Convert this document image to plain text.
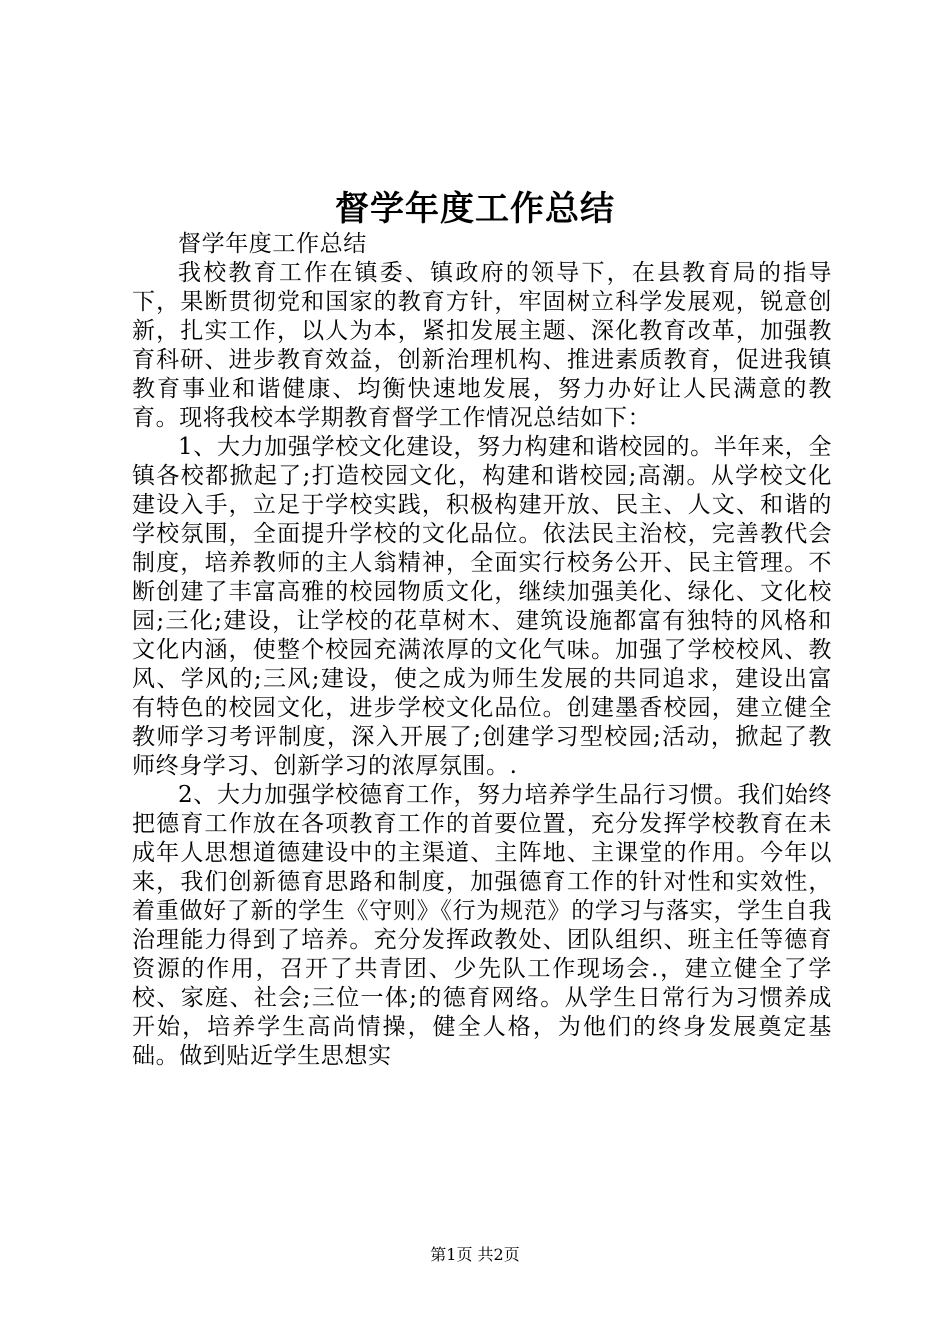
督学年度工作总结

督学年度工作总结

我校教育工作在镇委、镇政府的领导下，在县教育局的指导下，果断贯彻党和国家的教育方针，牢固树立科学发展观，锐意创新，扎实工作，以人为本，紧扣发展主题、深化教育改革，加强教育科研、进步教育效益，创新治理机构、推进素质教育，促进我镇教育事业和谐健康、均衡快速地发展，努力办好让人民满意的教育。现将我校本学期教育督学工作情况总结如下：

1、大力加强学校文化建设，努力构建和谐校园的。半年来，全镇各校都掀起了;打造校园文化，构建和谐校园;高潮。从学校文化建设入手，立足于学校实践，积极构建开放、民主、人文、和谐的学校氛围，全面提升学校的文化品位。依法民主治校，完善教代会制度，培养教师的主人翁精神，全面实行校务公开、民主管理。不断创建了丰富高雅的校园物质文化，继续加强美化、绿化、文化校园;三化;建设，让学校的花草树木、建筑设施都富有独特的风格和文化内涵，使整个校园充满浓厚的文化气味。加强了学校校风、教风、学风的;三风;建设，使之成为师生发展的共同追求，建设出富有特色的校园文化，进步学校文化品位。创建墨香校园，建立健全教师学习考评制度，深入开展了;创建学习型校园;活动，掀起了教师终身学习、创新学习的浓厚氛围。.

2、大力加强学校德育工作，努力培养学生品行习惯。我们始终把德育工作放在各项教育工作的首要位置，充分发挥学校教育在未成年人思想道德建设中的主渠道、主阵地、主课堂的作用。今年以来，我们创新德育思路和制度，加强德育工作的针对性和实效性，着重做好了新的学生《守则》《行为规范》的学习与落实，学生自我治理能力得到了培养。充分发挥政教处、团队组织、班主任等德育资源的作用，召开了共青团、少先队工作现场会.，建立健全了学校、家庭、社会;三位一体;的德育网络。从学生日常行为习惯养成开始，培养学生高尚情操，健全人格，为他们的终身发展奠定基础。做到贴近学生思想实

第1页 共2页
